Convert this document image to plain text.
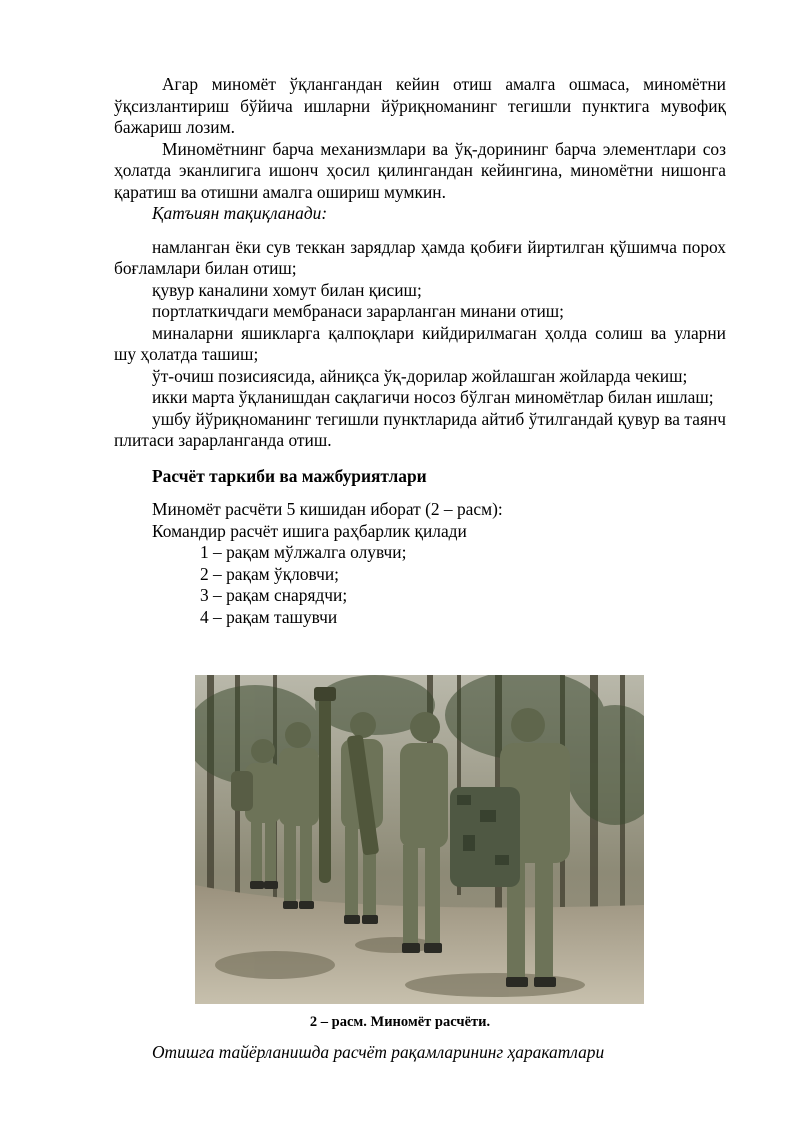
Агар миномёт ўқлангандан кейин отиш амалга ошмаса, миномётни ўқсизлантириш бўйича ишларни йўриқноманинг тегишли пунктига мувофиқ бажариш лозим.

Миномётнинг барча механизмлари ва ўқ-дорининг барча элементлари соз ҳолатда эканлигига ишонч ҳосил қилингандан кейингина, миномётни нишонга қаратиш ва отишни амалга ошириш мумкин.

Қатъиян тақиқланади:

намланган ёки сув теккан зарядлар ҳамда қобиғи йиртилган қўшимча порох боғламлари билан отиш;

қувур каналини хомут билан қисиш;

портлаткичдаги мембранаси зарарланган минани отиш;

миналарни яшикларга қалпоқлари кийдирилмаган ҳолда солиш ва уларни шу ҳолатда ташиш;

ўт-очиш позисиясида, айниқса ўқ-дорилар жойлашган жойларда чекиш;

икки марта ўқланишдан сақлагичи носоз бўлган миномётлар билан ишлаш;

ушбу йўриқноманинг тегишли пунктларида айтиб ўтилгандай қувур ва таянч плитаси зарарланганда отиш.

Расчёт таркиби ва мажбуриятлари

Миномёт расчёти 5 кишидан иборат (2 – расм):

Командир расчёт ишига раҳбарлик қилади

1 – рақам мўлжалга олувчи;

2 – рақам ўқловчи;

3 – рақам снарядчи;

4 – рақам ташувчи

2 – расм. Миномёт расчёти.
Отишга тайёрланишда расчёт рақамларининг ҳаракатлари
